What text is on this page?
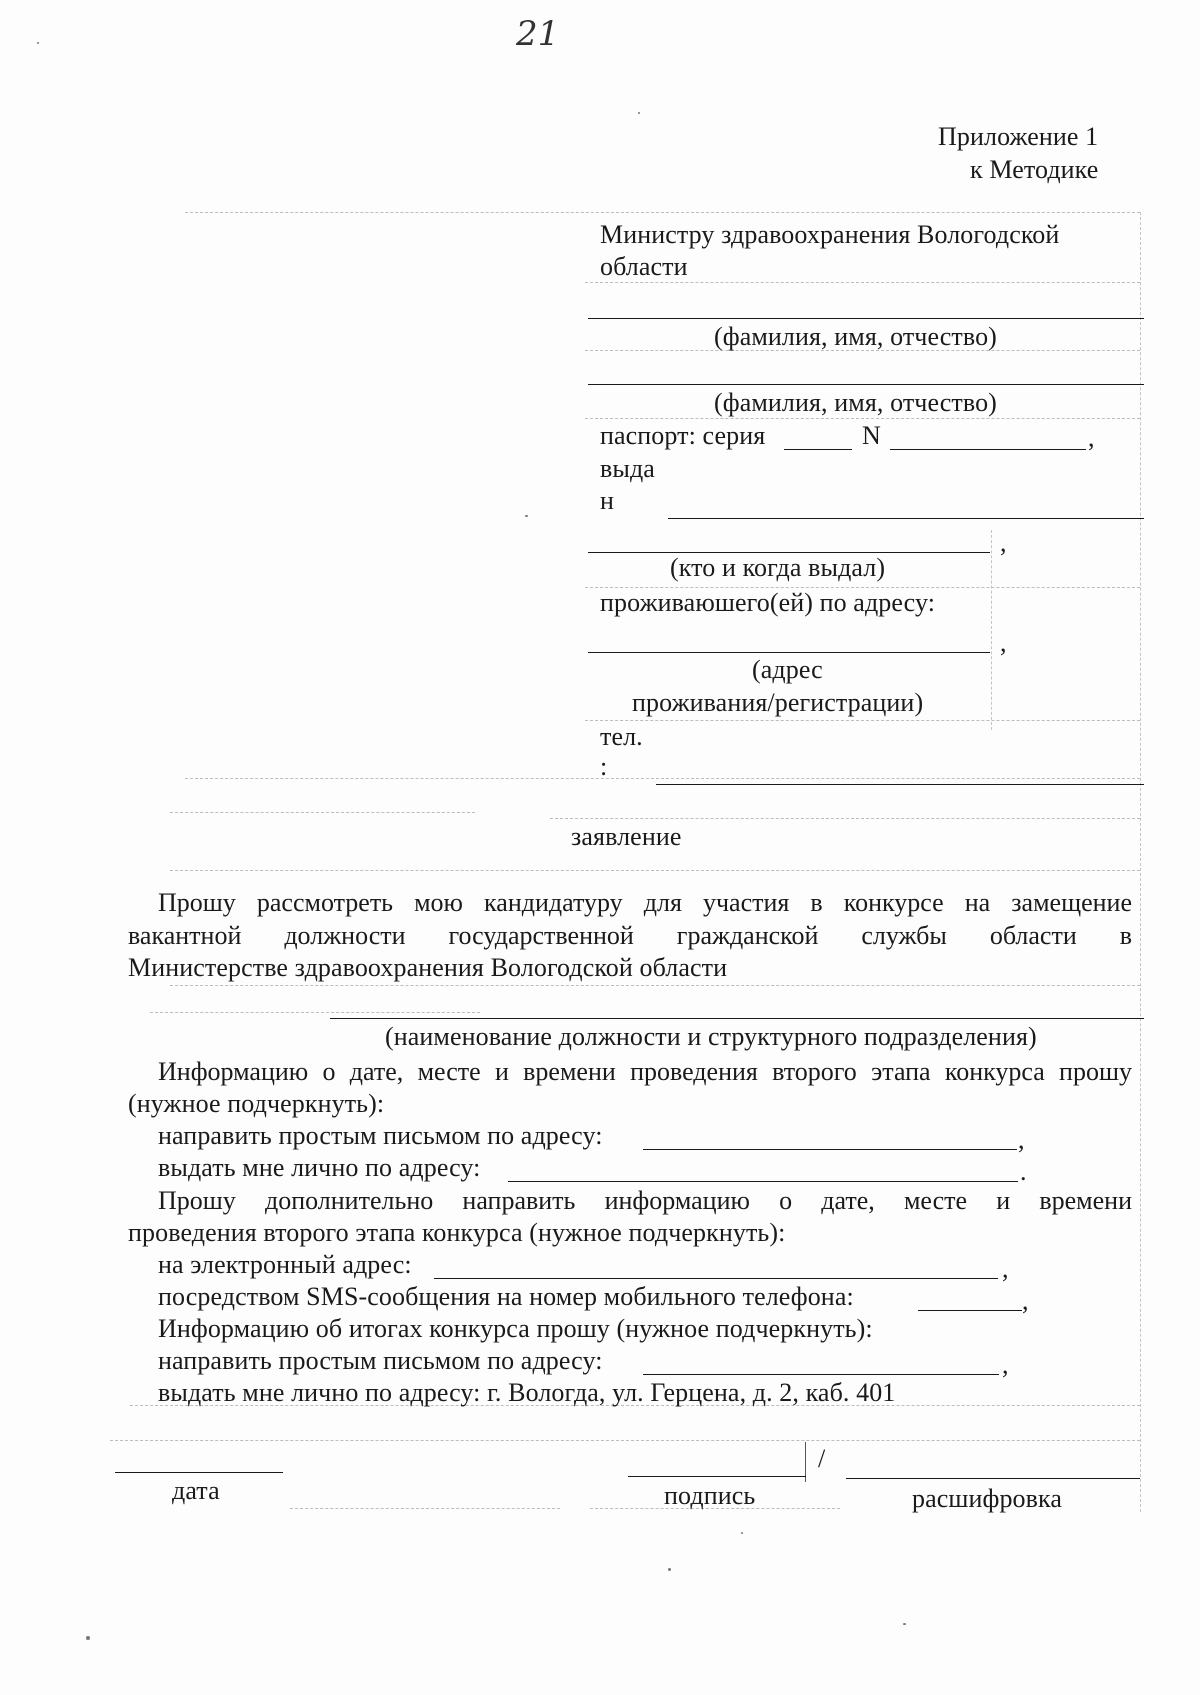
21
Приложение 1
к Методике
Министру здравоохранения Вологодской
области
(фамилия, имя, отчество)
(фамилия, имя, отчество)
паспорт: серия	N	,
выда
н
,
(кто и когда выдал)
проживаюшего(ей) по адресу:
,
(адрес
проживания/регистрации)
тел.
:
заявление
Прошу рассмотреть мою кандидатуру для участия в конкурсе на замещение
вакантной должности государственной гражданской службы области в
Министерстве здравоохранения Вологодской области
(наименование должности и структурного подразделения)
Информацию о дате, месте и времени проведения второго этапа конкурса прошу
(нужное подчеркнуть):
направить простым письмом по адресу:	,
выдать мне лично по адресу:	.
Прошу дополнительно направить информацию о дате, месте и времени
проведения второго этапа конкурса (нужное подчеркнуть):
на электронный адрес:	,
посредством SMS-сообщения на номер мобильного телефона:	,
Информацию об итогах конкурса прошу (нужное подчеркнуть):
направить простым письмом по адресу:	,
выдать мне лично по адресу: г. Вологда, ул. Герцена, д. 2, каб. 401
дата
/
подпись	расшифровка
